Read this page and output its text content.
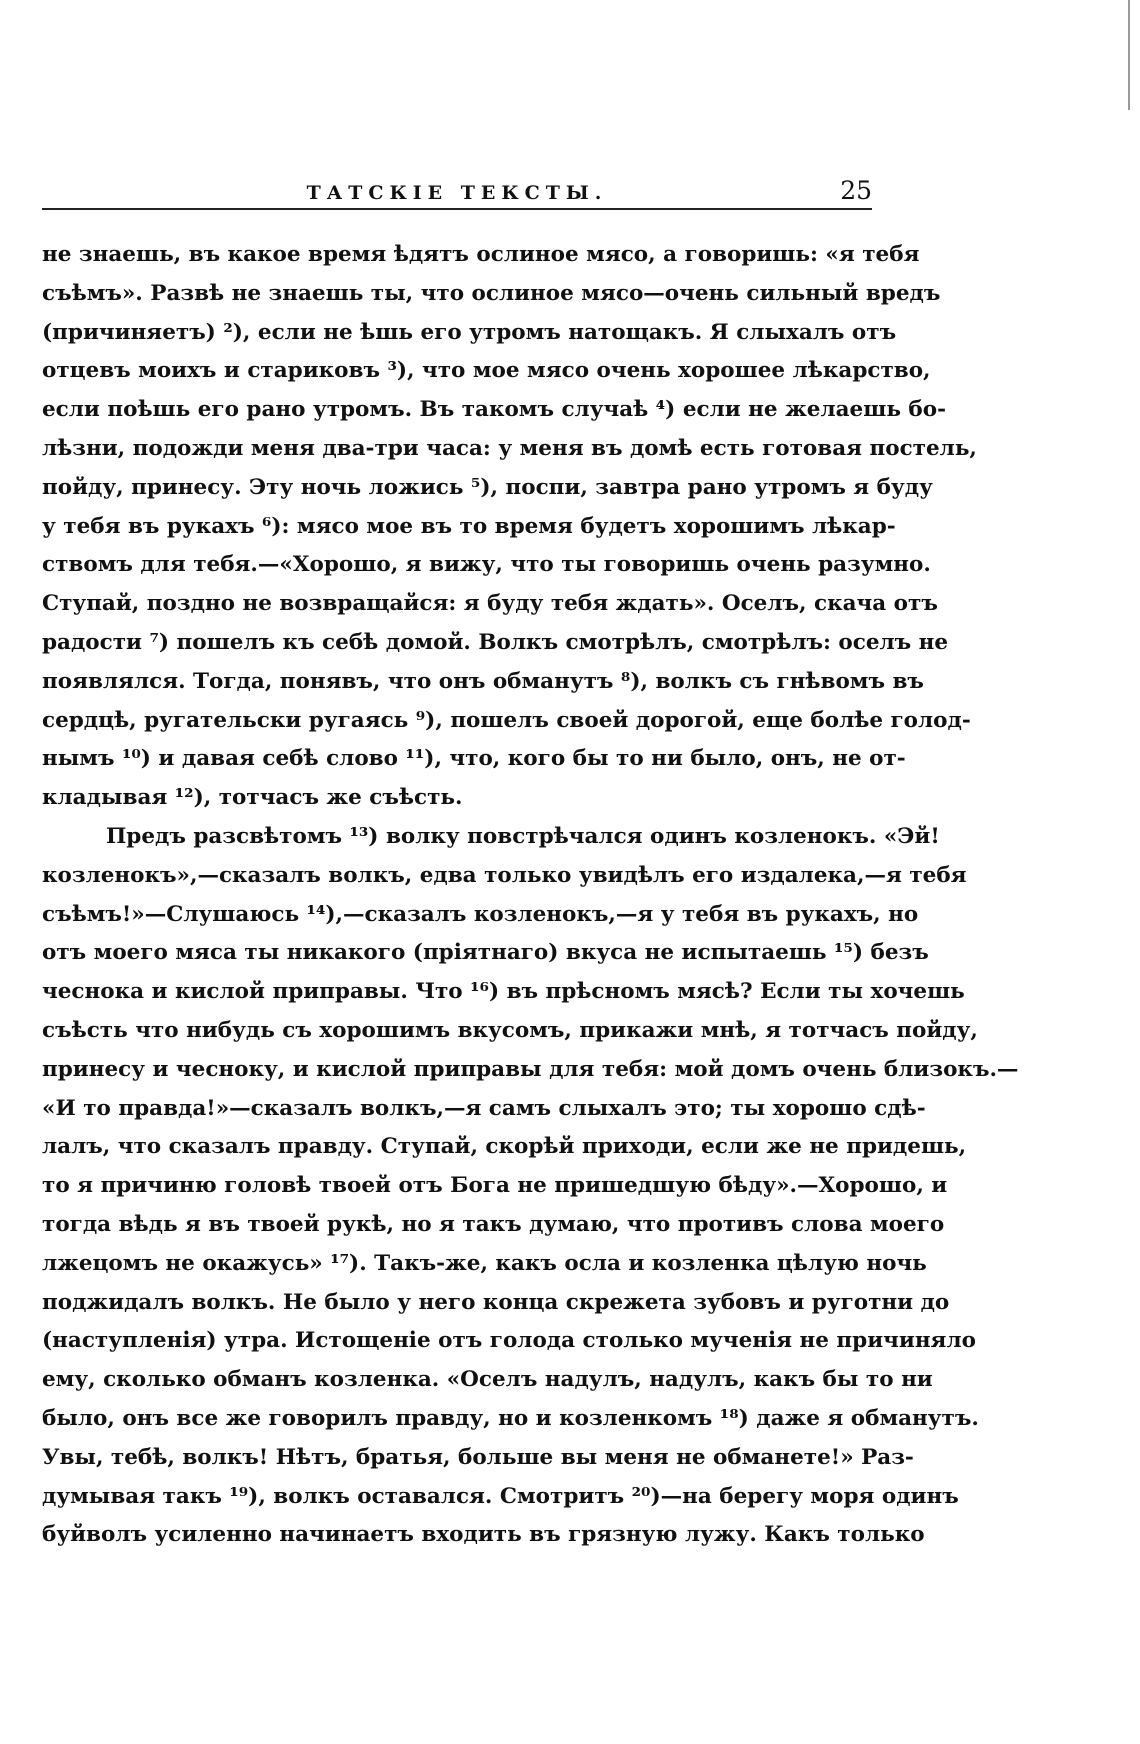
ТАТСКІЕ ТЕКСТЫ.	25
не знаешь, въ какое время ѣдятъ ослиное мясо, а говоришь: «я тебя
съѣмъ». Развѣ не знаешь ты, что ослиное мясо—очень сильный вредъ
(причиняетъ) ²), если не ѣшь его утромъ натощакъ. Я слыхалъ отъ
отцевъ моихъ и стариковъ ³), что мое мясо очень хорошее лѣкарство,
если поѣшь его рано утромъ. Въ такомъ случаѣ ⁴) если не желаешь бо-
лѣзни, подожди меня два-три часа: у меня въ домѣ есть готовая постель,
пойду, принесу. Эту ночь ложись ⁵), поспи, завтра рано утромъ я буду
у тебя въ рукахъ ⁶): мясо мое въ то время будетъ хорошимъ лѣкар-
ствомъ для тебя.—«Хорошо, я вижу, что ты говоришь очень разумно.
Ступай, поздно не возвращайся: я буду тебя ждать». Оселъ, скача отъ
радости ⁷) пошелъ къ себѣ домой. Волкъ смотрѣлъ, смотрѣлъ: оселъ не
появлялся. Тогда, понявъ, что онъ обманутъ ⁸), волкъ съ гнѣвомъ въ
сердцѣ, ругательски ругаясь ⁹), пошелъ своей дорогой, еще болѣе голод-
нымъ ¹⁰) и давая себѣ слово ¹¹), что, кого бы то ни было, онъ, не от-
кладывая ¹²), тотчасъ же съѣсть.
Предъ разсвѣтомъ ¹³) волку повстрѣчался одинъ козленокъ. «Эй!
козленокъ»,—сказалъ волкъ, едва только увидѣлъ его издалека,—я тебя
съѣмъ!»—Слушаюсь ¹⁴),—сказалъ козленокъ,—я у тебя въ рукахъ, но
отъ моего мяса ты никакого (пріятнаго) вкуса не испытаешь ¹⁵) безъ
чеснока и кислой приправы. Что ¹⁶) въ прѣсномъ мясѣ? Если ты хочешь
съѣсть что нибудь съ хорошимъ вкусомъ, прикажи мнѣ, я тотчасъ пойду,
принесу и чесноку, и кислой приправы для тебя: мой домъ очень близокъ.—
«И то правда!»—сказалъ волкъ,—я самъ слыхалъ это; ты хорошо сдѣ-
лалъ, что сказалъ правду. Ступай, скорѣй приходи, если же не придешь,
то я причиню головѣ твоей отъ Бога не пришедшую бѣду».—Хорошо, и
тогда вѣдь я въ твоей рукѣ, но я такъ думаю, что противъ слова моего
лжецомъ не окажусь» ¹⁷). Такъ-же, какъ осла и козленка цѣлую ночь
поджидалъ волкъ. Не было у него конца скрежета зубовъ и руготни до
(наступленія) утра. Истощеніе отъ голода столько мученія не причиняло
ему, сколько обманъ козленка. «Оселъ надулъ, надулъ, какъ бы то ни
было, онъ все же говорилъ правду, но и козленкомъ ¹⁸) даже я обманутъ.
Увы, тебѣ, волкъ! Нѣтъ, братья, больше вы меня не обманете!» Раз-
думывая такъ ¹⁹), волкъ оставался. Смотритъ ²⁰)—на берегу моря одинъ
буйволъ усиленно начинаетъ входить въ грязную лужу. Какъ только
